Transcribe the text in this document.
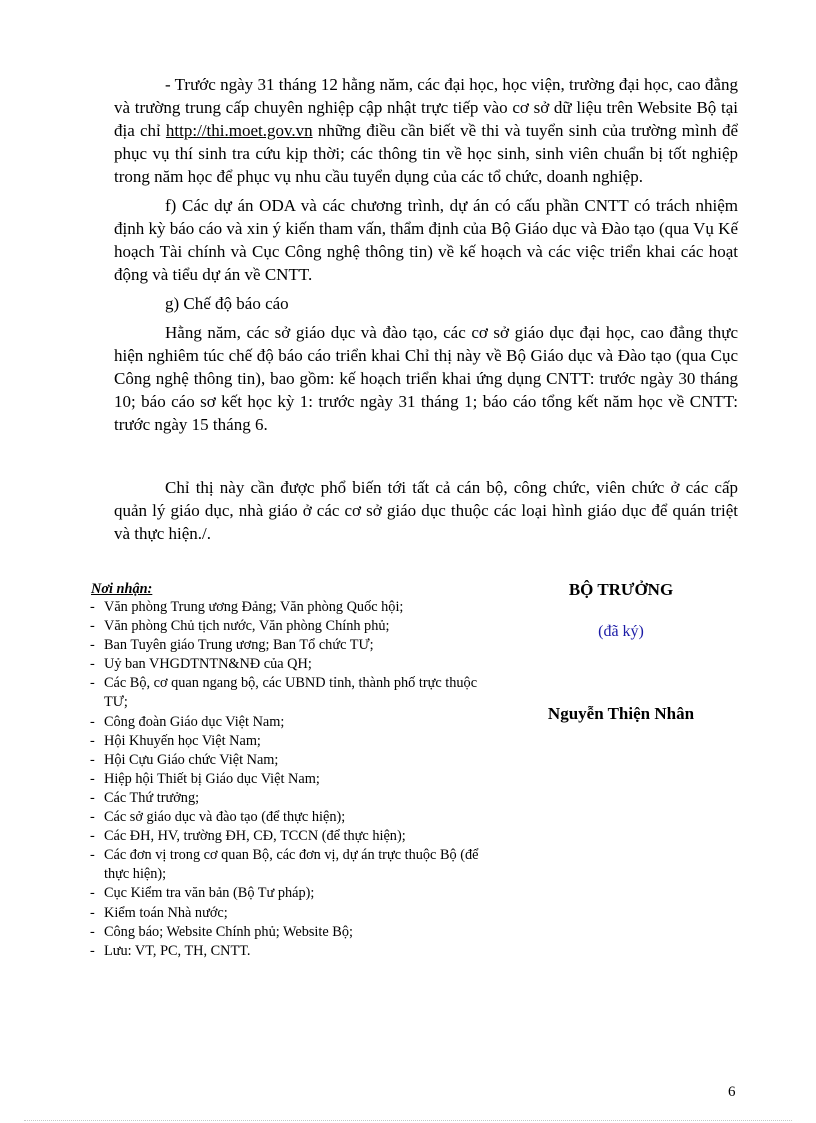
- Trước ngày 31 tháng 12 hằng năm, các đại học, học viện, trường đại học, cao đẳng và trường trung cấp chuyên nghiệp cập nhật trực tiếp vào cơ sở dữ liệu trên Website Bộ tại địa chỉ http://thi.moet.gov.vn những điều cần biết về thi và tuyển sinh của trường mình để phục vụ thí sinh tra cứu kịp thời; các thông tin về học sinh, sinh viên chuẩn bị tốt nghiệp trong năm học để phục vụ nhu cầu tuyển dụng của các tổ chức, doanh nghiệp.

f) Các dự án ODA và các chương trình, dự án có cấu phần CNTT có trách nhiệm định kỳ báo cáo và xin ý kiến tham vấn, thẩm định của Bộ Giáo dục và Đào tạo (qua Vụ Kế hoạch Tài chính và Cục Công nghệ thông tin) về kế hoạch và các việc triển khai các hoạt động và tiểu dự án về CNTT.

g) Chế độ báo cáo

Hằng năm, các sở giáo dục và đào tạo, các cơ sở giáo dục đại học, cao đẳng thực hiện nghiêm túc chế độ báo cáo triển khai Chỉ thị này về Bộ Giáo dục và Đào tạo (qua Cục Công nghệ thông tin), bao gồm: kế hoạch triển khai ứng dụng CNTT: trước ngày 30 tháng 10; báo cáo sơ kết học kỳ 1: trước ngày 31 tháng 1; báo cáo tổng kết năm học về CNTT: trước ngày 15 tháng 6.

Chỉ thị này cần được phổ biến tới tất cả cán bộ, công chức, viên chức ở các cấp quản lý giáo dục, nhà giáo ở các cơ sở giáo dục thuộc các loại hình giáo dục để quán triệt và thực hiện./.

Nơi nhận:

- Văn phòng Trung ương Đảng; Văn phòng Quốc hội;
- Văn phòng Chủ tịch nước, Văn phòng Chính phủ;
- Ban Tuyên giáo Trung ương; Ban Tổ chức TƯ;
- Uỷ ban VHGDTNTN&NĐ của QH;
- Các Bộ, cơ quan ngang bộ, các UBND tỉnh, thành phố trực thuộc TƯ;
- Công đoàn Giáo dục Việt Nam;
- Hội Khuyến học Việt Nam;
- Hội Cựu Giáo chức Việt Nam;
- Hiệp hội Thiết bị Giáo dục Việt Nam;
- Các Thứ trưởng;
- Các sở giáo dục và đào tạo (để thực hiện);
- Các ĐH, HV, trường ĐH, CĐ, TCCN (để thực hiện);
- Các đơn vị trong cơ quan Bộ, các đơn vị, dự án trực thuộc Bộ (để thực hiện);
- Cục Kiểm tra văn bản (Bộ Tư pháp);
- Kiểm toán Nhà nước;
- Công báo; Website Chính phủ; Website Bộ;
- Lưu: VT, PC, TH, CNTT.
BỘ TRƯỞNG
(đã ký)
Nguyễn Thiện Nhân
6
